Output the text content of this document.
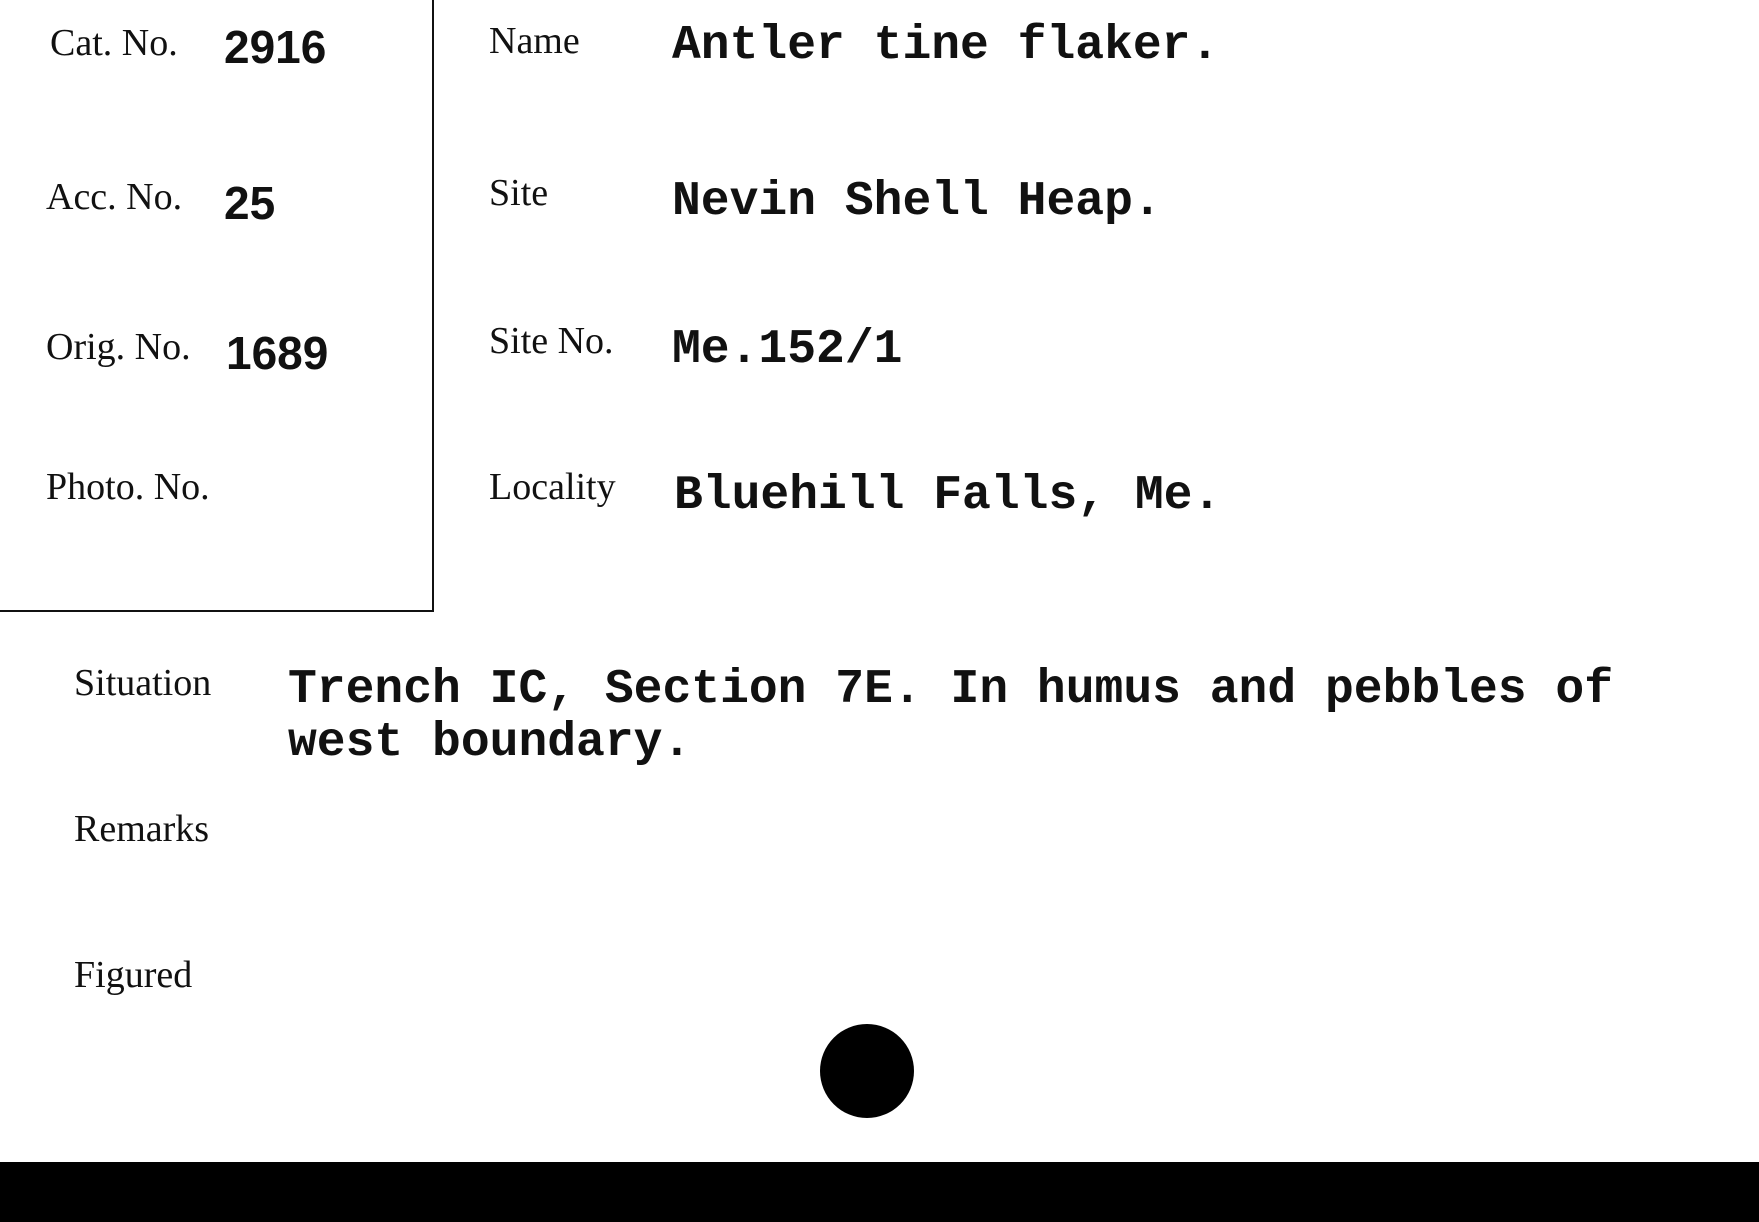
Cat. No. 2916
Acc. No. 25
Orig. No. 1689
Photo. No.
Name Antler tine flaker.
Site	Nevin Shell Heap.
Site No. Me.152/1
Locality Bluehill Falls, Me.
Situation Trench IC, Section 7E. In humus and pebbles of west boundary.
Remarks
Figured
